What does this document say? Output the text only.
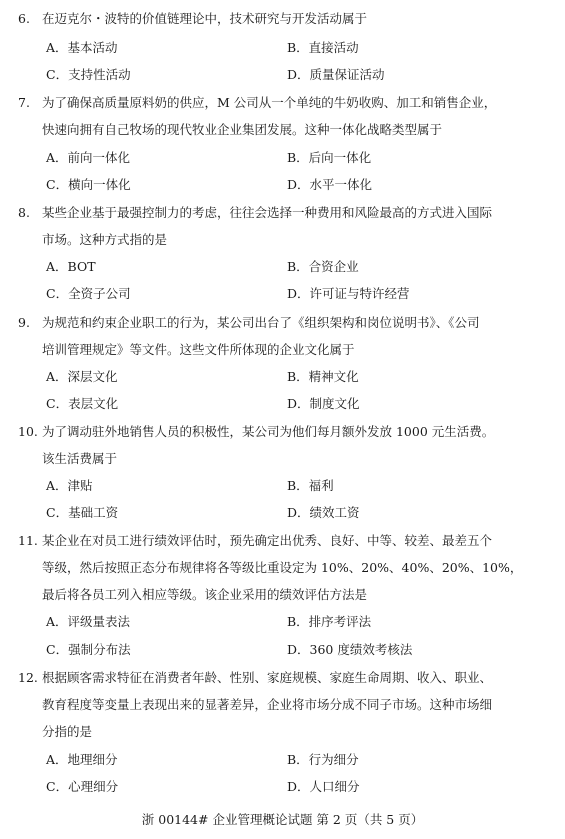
6. 在迈克尔・波特的价值链理论中，技术研究与开发活动属于
A．基本活动	B．直接活动
C．支持性活动	D．质量保证活动
7. 为了确保高质量原料奶的供应，M 公司从一个单纯的牛奶收购、加工和销售企业，
快速向拥有自己牧场的现代牧业企业集团发展。这种一体化战略类型属于
A．前向一体化	B．后向一体化
C．横向一体化	D．水平一体化
8. 某些企业基于最强控制力的考虑，往往会选择一种费用和风险最高的方式进入国际
市场。这种方式指的是
A．BOT	B．合资企业
C．全资子公司	D．许可证与特许经营
9. 为规范和约束企业职工的行为，某公司出台了《组织架构和岗位说明书》、《公司
培训管理规定》等文件。这些文件所体现的企业文化属于
A．深层文化	B．精神文化
C．表层文化	D．制度文化
10. 为了调动驻外地销售人员的积极性，某公司为他们每月额外发放 1000 元生活费。
该生活费属于
A．津贴	B．福利
C．基础工资	D．绩效工资
11. 某企业在对员工进行绩效评估时，预先确定出优秀、良好、中等、较差、最差五个
等级，然后按照正态分布规律将各等级比重设定为 10%、20%、40%、20%、10%，
最后将各员工列入相应等级。该企业采用的绩效评估方法是
A．评级量表法	B．排序考评法
C．强制分布法	D．360 度绩效考核法
12. 根据顾客需求特征在消费者年龄、性别、家庭规模、家庭生命周期、收入、职业、
教育程度等变量上表现出来的显著差异，企业将市场分成不同子市场。这种市场细
分指的是
A．地理细分	B．行为细分
C．心理细分	D．人口细分
浙 00144# 企业管理概论试题 第 2 页（共 5 页）
